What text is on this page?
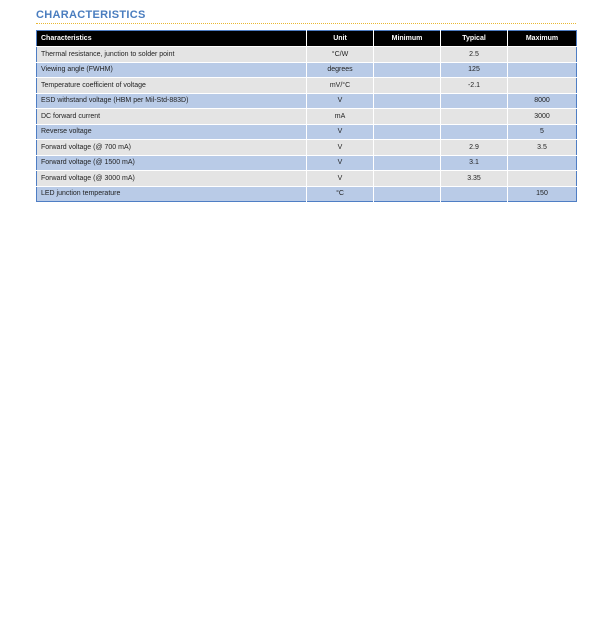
CHARACTERISTICS
Characteristics	Unit	Minimum	Typical	Maximum
Thermal resistance, junction to solder point	°C/W		2.5	
Viewing angle (FWHM)	degrees		125	
Temperature coefficient of voltage	mV/°C		-2.1	
ESD withstand voltage (HBM per Mil-Std-883D)	V			8000
DC forward current	mA			3000
Reverse voltage	V			5
Forward voltage (@ 700 mA)	V		2.9	3.5
Forward voltage (@ 1500 mA)	V		3.1	
Forward voltage (@ 3000 mA)	V		3.35	
LED junction temperature	°C			150
